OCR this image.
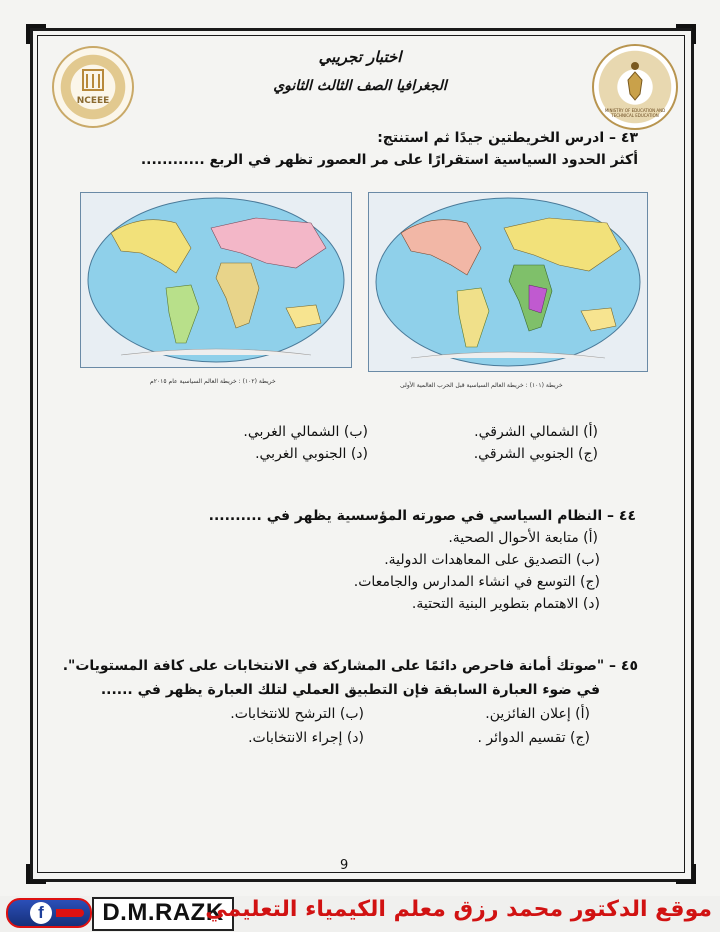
NCEEE
MINISTRY OF EDUCATION AND TECHNICAL EDUCATION
اختبار تجريبي
الجغرافيا الصف الثالث الثانوي
٤٣ – ادرس الخريطتين جيدًا ثم استنتج:
أكثر الحدود السياسية استقرارًا على مر العصور تظهر في الربع ............
خريطة (١٠٢) : خريطة العالم السياسية عام ٢٠١٥م
خريطة (١٠١) : خريطة العالم السياسية قبل الحرب العالمية الأولى
(أ) الشمالي الشرقي.
(ب) الشمالي الغربي.
(ج) الجنوبي الشرقي.
(د) الجنوبي الغربي.
٤٤ – النظام السياسي في صورته المؤسسية يظهر في ..........
(أ) متابعة الأحوال الصحية.
(ب) التصديق على المعاهدات الدولية.
(ج) التوسع في انشاء المدارس والجامعات.
(د) الاهتمام بتطوير البنية التحتية.
٤٥ – "صوتك أمانة فاحرص دائمًا على المشاركة في الانتخابات على كافة المستويات".
في ضوء العبارة السابقة فإن التطبيق العملي لتلك العبارة يظهر في ......
(أ) إعلان الفائزين.
(ب) الترشح للانتخابات.
(ج) تقسيم الدوائر .
(د) إجراء الانتخابات.
9
f	D.M.RAZK
موقع الدكتور محمد رزق معلم الكيمياء التعليمي
